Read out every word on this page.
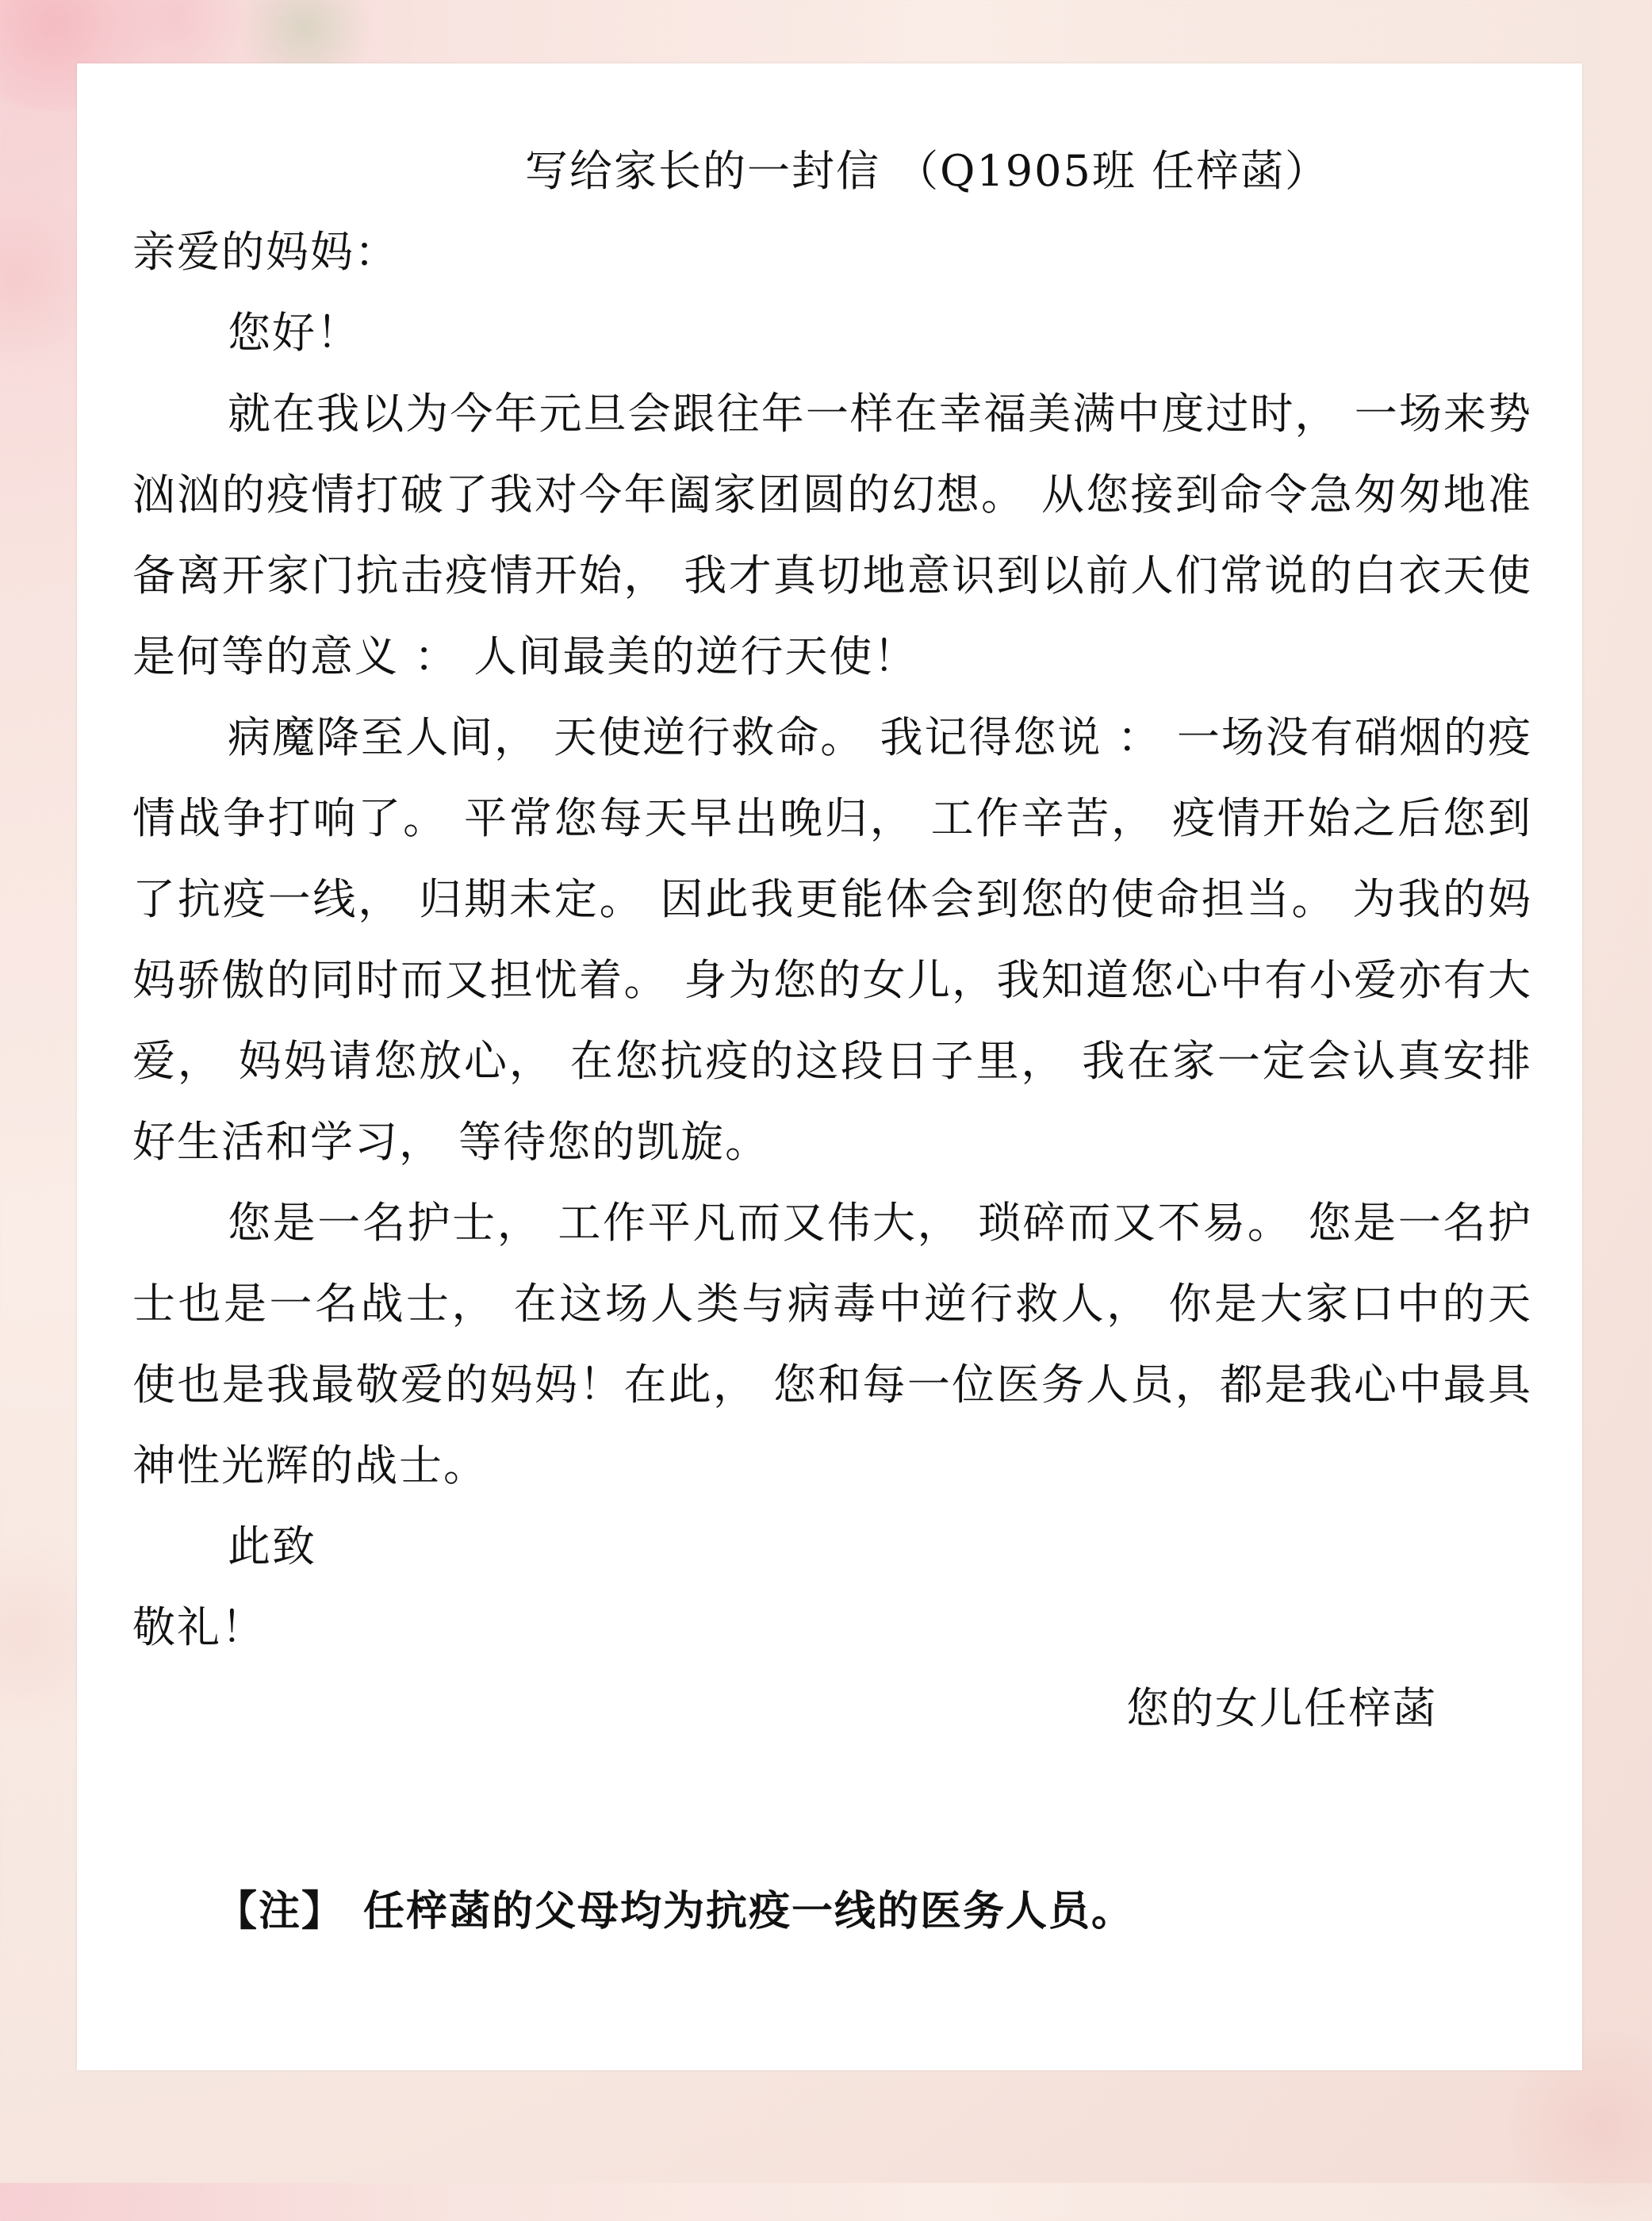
写给家长的一封信 （Q1905班 任梓菡）

亲爱的妈妈：

您好！

就在我以为今年元旦会跟往年一样在幸福美满中度过时， 一场来势汹汹的疫情打破了我对今年阖家团圆的幻想。 从您接到命令急匆匆地准备离开家门抗击疫情开始， 我才真切地意识到以前人们常说的白衣天使是何等的意义 ： 人间最美的逆行天使！

病魔降至人间， 天使逆行救命。 我记得您说 ： 一场没有硝烟的疫情战争打响了。 平常您每天早出晚归， 工作辛苦， 疫情开始之后您到了抗疫一线， 归期未定。 因此我更能体会到您的使命担当。 为我的妈妈骄傲的同时而又担忧着。 身为您的女儿，我知道您心中有小爱亦有大爱， 妈妈请您放心， 在您抗疫的这段日子里， 我在家一定会认真安排好生活和学习， 等待您的凯旋。

您是一名护士， 工作平凡而又伟大， 琐碎而又不易。 您是一名护士也是一名战士， 在这场人类与病毒中逆行救人， 你是大家口中的天使也是我最敬爱的妈妈！在此， 您和每一位医务人员，都是我心中最具神性光辉的战士。

此致

敬礼！

您的女儿任梓菡

【注】 任梓菡的父母均为抗疫一线的医务人员。
